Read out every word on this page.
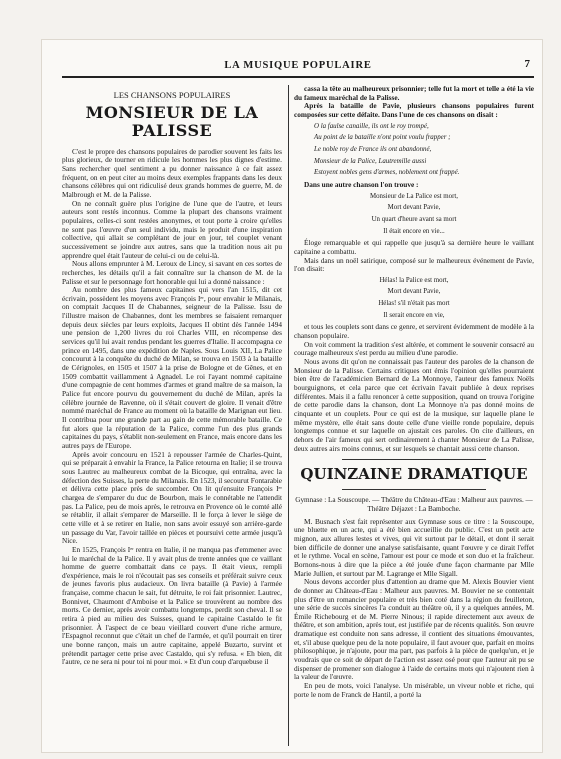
LA MUSIQUE POPULAIRE	7
LES CHANSONS POPULAIRES
MONSIEUR DE LA PALISSE

C'est le propre des chansons populaires de parodier souvent les faits les plus glorieux, de tourner en ridicule les hommes les plus dignes d'estime. Sans rechercher quel sentiment a pu donner naissance à ce fait assez fréquent, on en peut citer au moins deux exemples frappants dans les deux chansons célèbres qui ont ridiculisé deux grands hommes de guerre, M. de Malbrough et M. de la Palisse.

On ne connaît guère plus l'origine de l'une que de l'autre, et leurs auteurs sont restés inconnus. Comme la plupart des chansons vraiment populaires, celles-ci sont restées anonymes, et tout porte à croire qu'elles ne sont pas l'œuvre d'un seul individu, mais le produit d'une inspiration collective, qui allait se complétant de jour en jour, tel couplet venant successivement se joindre aux autres, sans que la tradition nous ait pu apprendre quel était l'auteur de celui-ci ou de celui-là.

Nous allons emprunter à M. Leroux de Lincy, si savant en ces sortes de recherches, les détails qu'il a fait connaître sur la chanson de M. de la Palisse et sur le personnage fort honorable qui lui a donné naissance :

Au nombre des plus fameux capitaines qui vers l'an 1515, dit cet écrivain, possèdent les moyens avec François Iᵉʳ, pour envahir le Milanais, on comptait Jacques II de Chabannes, seigneur de la Palisse. Issu de l'illustre maison de Chabannes, dont les membres se faisaient remarquer depuis deux siècles par leurs exploits, Jacques II obtint dès l'année 1494 une pension de 1,200 livres du roi Charles VIII, en récompense des services qu'il lui avait rendus pendant les guerres d'Italie. Il accompagna ce prince en 1495, dans une expédition de Naples. Sous Louis XII, La Palice concourut à la conquête du duché de Milan, se trouva en 1503 à la bataille de Cérignoles, en 1505 et 1507 à la prise de Bologne et de Gênes, et en 1509 combattit vaillamment à Agnadel. Le roi l'ayant nommé capitaine d'une compagnie de cent hommes d'armes et grand maître de sa maison, la Palice fut encore pourvu du gouvernement du duché de Milan, après la célèbre journée de Ravenne, où il s'était couvert de gloire. Il venait d'être nommé maréchal de France au moment où la bataille de Marignan eut lieu. Il contribua pour une grande part au gain de cette mémorable bataille. Ce fut alors que la réputation de la Palice, comme l'un des plus grands capitaines du pays, s'établit non-seulement en France, mais encore dans les autres pays de l'Europe.

Après avoir concouru en 1521 à repousser l'armée de Charles-Quint, qui se préparait à envahir la France, la Palice retourna en Italie; il se trouva sous Lautrec au malheureux combat de la Bicoque, qui entraîna, avec la défection des Suisses, la perte du Milanais. En 1523, il secourut Fontarabie et délivra cette place près de succomber. On lit qu'ensuite François Iᵉʳ chargea de s'emparer du duc de Bourbon, mais le connétable ne l'attendit pas. La Palice, peu de mois après, le retrouva en Provence où le comté allé se rétablir, il allait s'emparer de Marseille. Il le força à lever le siège de cette ville et à se retirer en Italie, non sans avoir essuyé son arrière-garde un passage du Var, l'avoir taillée en pièces et poursuivi cette armée jusqu'à Nice.

En 1525, François Iᵉʳ rentra en Italie, il ne manqua pas d'emmener avec lui le maréchal de la Palice. Il y avait plus de trente années que ce vaillant homme de guerre combattait dans ce pays. Il était vieux, rempli d'expérience, mais le roi n'écoutait pas ses conseils et préférait suivre ceux de jeunes favoris plus audacieux. On livra bataille (à Pavie) à l'armée française, comme chacun le sait, fut détruite, le roi fait prisonnier. Lautrec, Bonnivet, Chaumont d'Amboise et la Palice se trouvèrent au nombre des morts. Ce dernier, après avoir combattu longtemps, perdit son cheval. Il se retira à pied au milieu des Suisses, quand le capitaine Castaldo le fit prisonnier. À l'aspect de ce beau vieillard couvert d'une riche armure, l'Espagnol reconnut que c'était un chef de l'armée, et qu'il pourrait en tirer une bonne rançon, mais un autre capitaine, appelé Buzarto, survint et prétendit partager cette prise avec Castaldo, qui s'y refusa. « Eh bien, dit l'autre, ce ne sera ni pour toi ni pour moi. » Et d'un coup d'arquebuse il

cassa la tête au malheureux prisonnier; telle fut la mort et telle a été la vie du fameux maréchal de la Palisse.

Après la bataille de Pavie, plusieurs chansons populaires furent composées sur cette défaite. Dans l'une de ces chansons on disait :

O la faulse canaille, ils ont le roy trompé,
Au point de la bataille n'ont point voulu frapper ;
Le noble roy de France ils ont abandonné,
Monsieur de la Palice, Lautremille aussi
Estoyent nobles gens d'armes, noblement ont frappé.

Dans une autre chanson l'on trouve :

Monsieur de La Palice est mort,
Mort devant Pavie,
Un quart d'heure avant sa mort
Il était encore en vie...

Éloge remarquable et qui rappelle que jusqu'à sa dernière heure le vaillant capitaine a combattu.

Mais dans un noël satirique, composé sur le malheureux événement de Pavie, l'on disait:

Hélas! la Palice est mort,
Mort devant Pavie,
Hélas! s'il n'était pas mort
Il serait encore en vie,

et tous les couplets sont dans ce genre, et servirent évidemment de modèle à la chanson populaire.

On voit comment la tradition s'est altérée, et comment le souvenir consacré au courage malheureux s'est perdu au milieu d'une parodie.

Nous avons dit qu'on ne connaissait pas l'auteur des paroles de la chanson de Monsieur de la Palisse. Certains critiques ont émis l'opinion qu'elles pourraient bien être de l'académicien Bernard de La Monnoye, l'auteur des fameux Noëls bourguignons, et cela parce que cet écrivain l'avait publiée à deux reprises différentes. Mais il a fallu renoncer à cette supposition, quand on trouva l'origine de cette parodie dans la chanson, dont La Monnoye n'a pas donné moins de cinquante et un couplets. Pour ce qui est de la musique, sur laquelle plane le même mystère, elle était sans doute celle d'une vieille ronde populaire, depuis longtemps connue et sur laquelle on ajustait ces paroles. On cite d'ailleurs, en dehors de l'air fameux qui sert ordinairement à chanter Monsieur de La Palisse, deux autres airs moins connus, et sur lesquels se chantait aussi cette chanson.

QUINZAINE DRAMATIQUE

Gymnase : La Souscoupe. — Théâtre du Château-d'Eau : Malheur aux pauvres. — Théâtre Déjazet : La Bamboche.

M. Busnach s'est fait représenter aux Gymnase sous ce titre : la Souscoupe, une bluette en un acte, qui a été bien accueillie du public. C'est un petit acte mignon, aux allures lestes et vives, qui vit surtout par le détail, et dont il serait bien difficile de donner une analyse satisfaisante, quant l'œuvre y ce dirait l'effet et le rythme. Vocal en scène, l'amour est pour ce mode et son duo et la fraîcheur. Bornons-nous à dire que la pièce a été jouée d'une façon charmante par Mlle Marie Jullien, et surtout par M. Lagrange et Mlle Sigall.

Nous devons accorder plus d'attention au drame que M. Alexis Bouvier vient de donner au Château-d'Eau : Malheur aux pauvres. M. Bouvier ne se contentait plus d'être un romancier populaire et très bien coté dans la région du feuilleton, une série de succès sincères l'a conduit au théâtre où, il y a quelques années, M. Émile Richebourg et de M. Pierre Ninous; il rapide directement aux aveux de théâtre, et son ambition, après tout, est justifiée par de récents qualités. Son œuvre dramatique est conduite non sans adresse, il contient des situations émouvantes, et, s'il abuse quelque peu de la note populaire, il faut avouer que, parfait en moins philosophique, je n'ajoute, pour ma part, pas parfois à la pièce de quelqu'un, et je voudrais que ce soit de départ de l'action est assez osé pour que l'auteur ait pu se dispenser de promener son dialogue à l'aide de certains mots qui n'ajoutent rien à la valeur de l'œuvre.

En peu de mots, voici l'analyse. Un misérable, un viveur noble et riche, qui porte le nom de Franck de Hantil, a porté la
